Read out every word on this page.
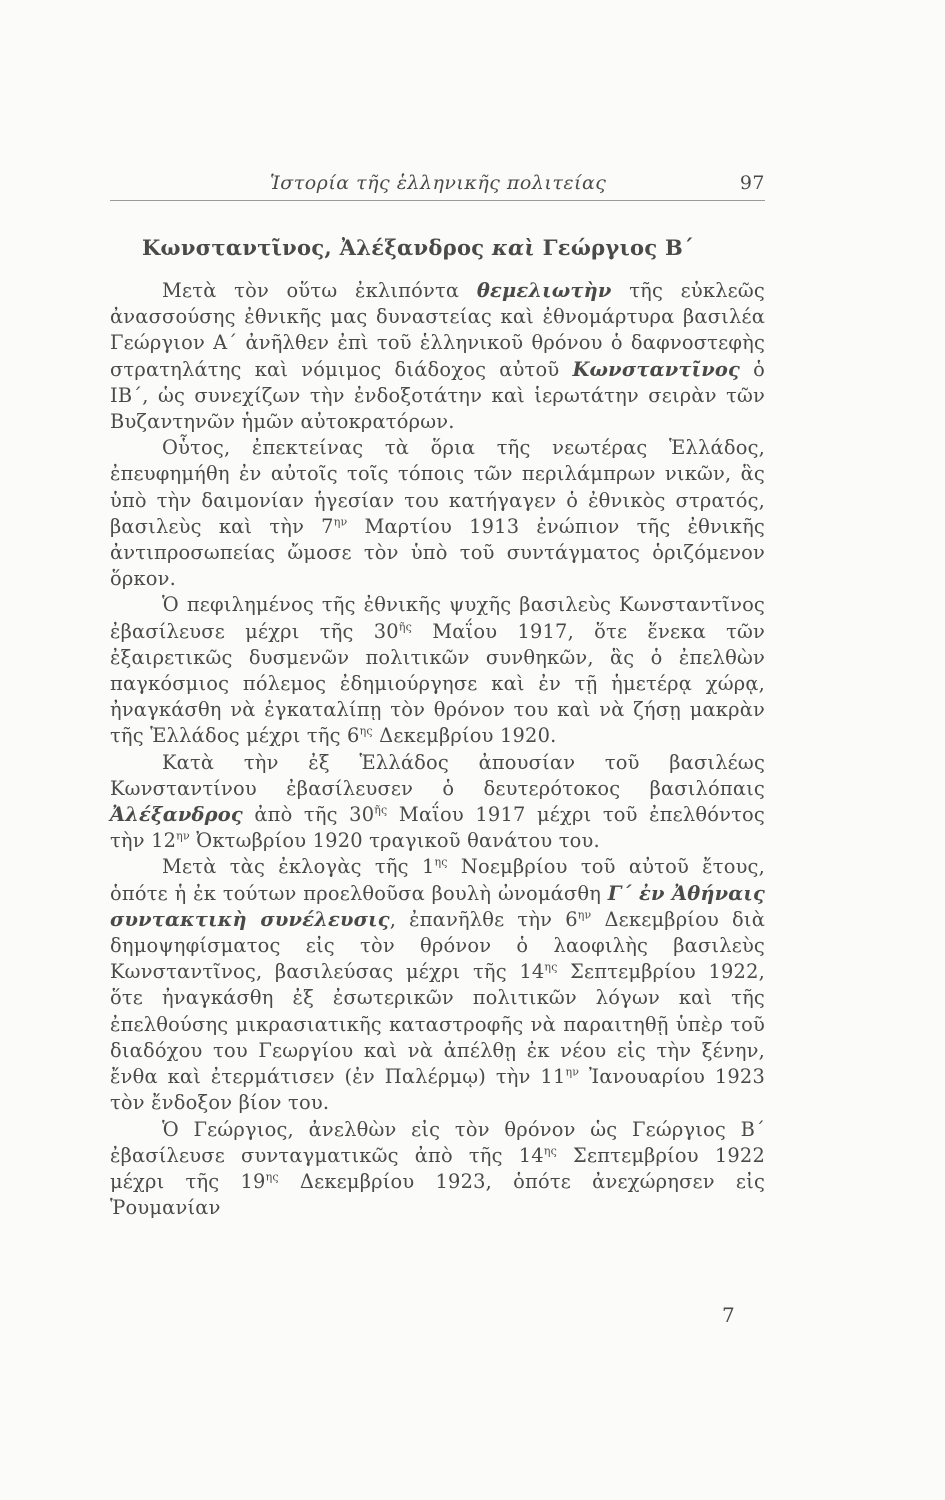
Ἱστορία τῆς ἑλληνικῆς πολιτείας	97
Κωνσταντῖνος, Ἀλέξανδρος καὶ Γεώργιος Β΄

Μετὰ τὸν οὕτω ἐκλιπόντα θεμελιωτὴν τῆς εὐκλεῶς ἀνασσούσης ἐθνικῆς μας δυναστείας καὶ ἐθνομάρτυρα βασιλέα Γεώργιον Α΄ ἀνῆλθεν ἐπὶ τοῦ ἑλληνικοῦ θρόνου ὁ δαφνοστεφὴς στρατηλάτης καὶ νόμιμος διάδοχος αὐτοῦ Κωνσταντῖνος ὁ ΙΒ΄, ὡς συνεχίζων τὴν ἐνδοξοτάτην καὶ ἱερωτάτην σειρὰν τῶν Βυζαντηνῶν ἡμῶν αὐτοκρατόρων.

Οὗτος, ἐπεκτείνας τὰ ὅρια τῆς νεωτέρας Ἑλλάδος, ἐπευφημήθη ἐν αὐτοῖς τοῖς τόποις τῶν περιλάμπρων νικῶν, ἃς ὑπὸ τὴν δαιμονίαν ἡγεσίαν του κατήγαγεν ὁ ἐθνικὸς στρατός, βασιλεὺς καὶ τὴν $7^{\eta\nu}$ Μαρτίου 1913 ἐνώπιον τῆς ἐθνικῆς ἀντιπροσωπείας ὤμοσε τὸν ὑπὸ τοῦ συντάγματος ὁριζόμενον ὅρκον.

Ὁ πεφιλημένος τῆς ἐθνικῆς ψυχῆς βασιλεὺς Κωνσταντῖνος ἐβασίλευσε μέχρι τῆς $30^{ῆ\varsigma}$ Μαΐου 1917, ὅτε ἕνεκα τῶν ἐξαιρετικῶς δυσμενῶν πολιτικῶν συνθηκῶν, ἃς ὁ ἐπελθὼν παγκόσμιος πόλεμος ἐδημιούργησε καὶ ἐν τῇ ἡμετέρᾳ χώρᾳ, ἠναγκάσθη νὰ ἐγκαταλίπῃ τὸν θρόνον του καὶ νὰ ζήσῃ μακρὰν τῆς Ἑλλάδος μέχρι τῆς $6^{\eta\varsigma}$ Δεκεμβρίου 1920.

Κατὰ τὴν ἐξ Ἑλλάδος ἀπουσίαν τοῦ βασιλέως Κωνσταντίνου ἐβασίλευσεν ὁ δευτερότοκος βασιλόπαις Ἀλέξανδρος ἀπὸ τῆς $30^{ῆ\varsigma}$ Μαΐου 1917 μέχρι τοῦ ἐπελθόντος τὴν $12^{\eta\nu}$ Ὀκτωβρίου 1920 τραγικοῦ θανάτου του.

Μετὰ τὰς ἐκλογὰς τῆς $1^{\eta\varsigma}$ Νοεμβρίου τοῦ αὐτοῦ ἔτους, ὁπότε ἡ ἐκ τούτων προελθοῦσα βουλὴ ὠνομάσθη Γ΄ ἐν Ἀθήναις συντακτικὴ συνέλευσις, ἐπανῆλθε τὴν $6^{\eta\nu}$ Δεκεμβρίου διὰ δημοψηφίσματος εἰς τὸν θρόνον ὁ λαοφιλὴς βασιλεὺς Κωνσταντῖνος, βασιλεύσας μέχρι τῆς $14^{\eta\varsigma}$ Σεπτεμβρίου 1922, ὅτε ἠναγκάσθη ἐξ ἐσωτερικῶν πολιτικῶν λόγων καὶ τῆς ἐπελθούσης μικρασιατικῆς καταστροφῆς νὰ παραιτηθῇ ὑπὲρ τοῦ διαδόχου του Γεωργίου καὶ νὰ ἀπέλθῃ ἐκ νέου εἰς τὴν ξένην, ἔνθα καὶ ἐτερμάτισεν (ἐν Παλέρμῳ) τὴν $11^{\eta\nu}$ Ἰανουαρίου 1923 τὸν ἔνδοξον βίον του.

Ὁ Γεώργιος, ἀνελθὼν εἰς τὸν θρόνον ὡς Γεώργιος Β΄ ἐβασίλευσε συνταγματικῶς ἀπὸ τῆς $14^{\eta\varsigma}$ Σεπτεμβρίου 1922 μέχρι τῆς $19^{\eta\varsigma}$ Δεκεμβρίου 1923, ὁπότε ἀνεχώρησεν εἰς Ῥουμανίαν

7
